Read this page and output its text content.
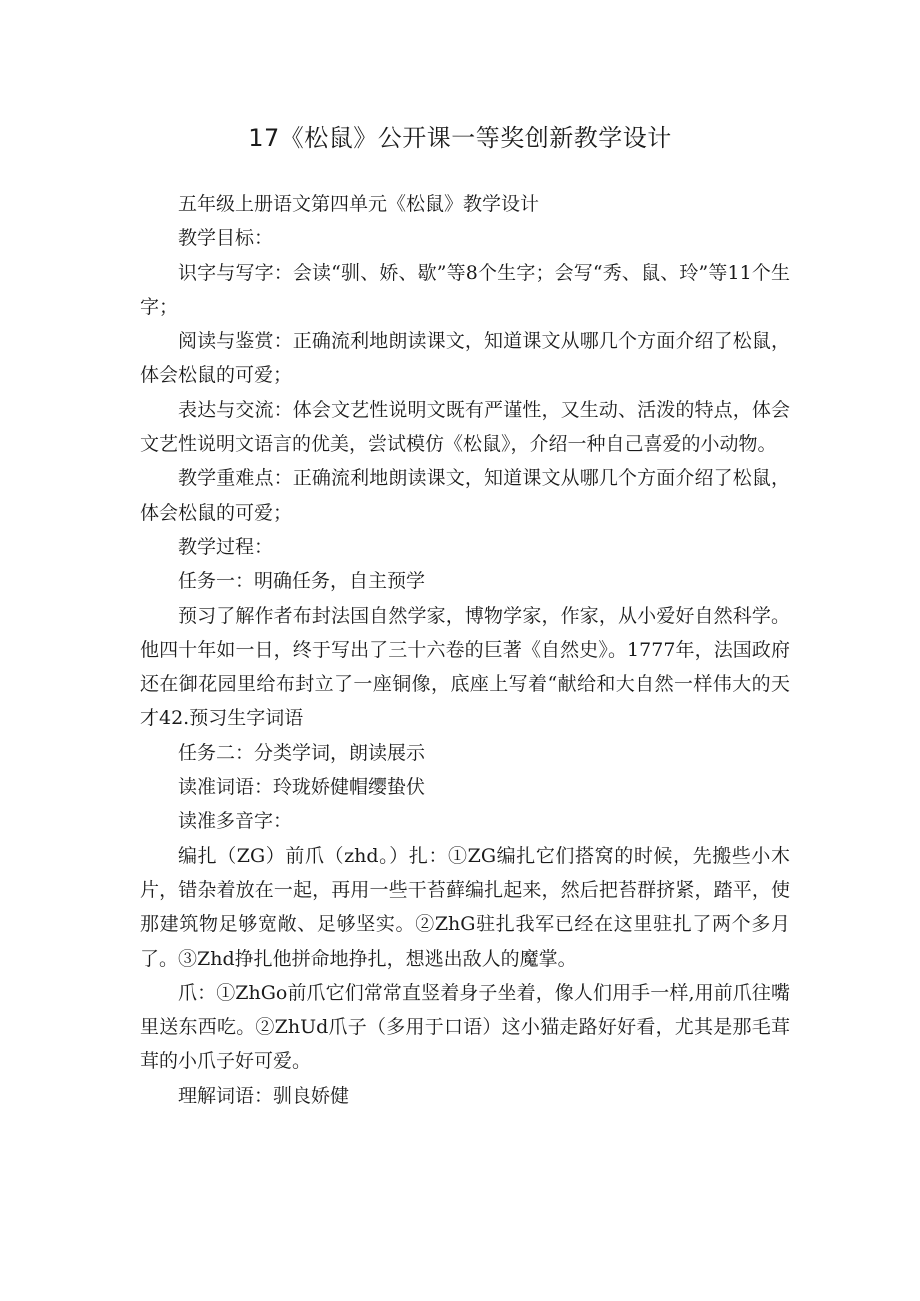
17《松鼠》公开课一等奖创新教学设计

五年级上册语文第四单元《松鼠》教学设计

教学目标：

识字与写字：会读“驯、娇、歇”等8个生字；会写“秀、鼠、玲”等11个生字；

阅读与鉴赏：正确流利地朗读课文，知道课文从哪几个方面介绍了松鼠，体会松鼠的可爱；

表达与交流：体会文艺性说明文既有严谨性，又生动、活泼的特点，体会文艺性说明文语言的优美，尝试模仿《松鼠》，介绍一种自己喜爱的小动物。

教学重难点：正确流利地朗读课文，知道课文从哪几个方面介绍了松鼠，体会松鼠的可爱；

教学过程：

任务一：明确任务，自主预学

预习了解作者布封法国自然学家，博物学家，作家，从小爱好自然科学。他四十年如一日，终于写出了三十六卷的巨著《自然史》。1777年，法国政府还在御花园里给布封立了一座铜像，底座上写着“献给和大自然一样伟大的天才42.预习生字词语

任务二：分类学词，朗读展示

读准词语：玲珑娇健帽缨蛰伏

读准多音字：

编扎（ZG）前爪（zhd。）扎：①ZG编扎它们搭窝的时候，先搬些小木片，错杂着放在一起，再用一些干苔藓编扎起来，然后把苔群挤紧，踏平，使那建筑物足够宽敞、足够坚实。②ZhG驻扎我军已经在这里驻扎了两个多月了。③Zhd挣扎他拼命地挣扎，想逃出敌人的魔掌。

爪：①ZhGo前爪它们常常直竖着身子坐着，像人们用手一样,用前爪往嘴里送东西吃。②ZhUd爪子（多用于口语）这小猫走路好好看，尤其是那毛茸茸的小爪子好可爱。

理解词语：驯良娇健
